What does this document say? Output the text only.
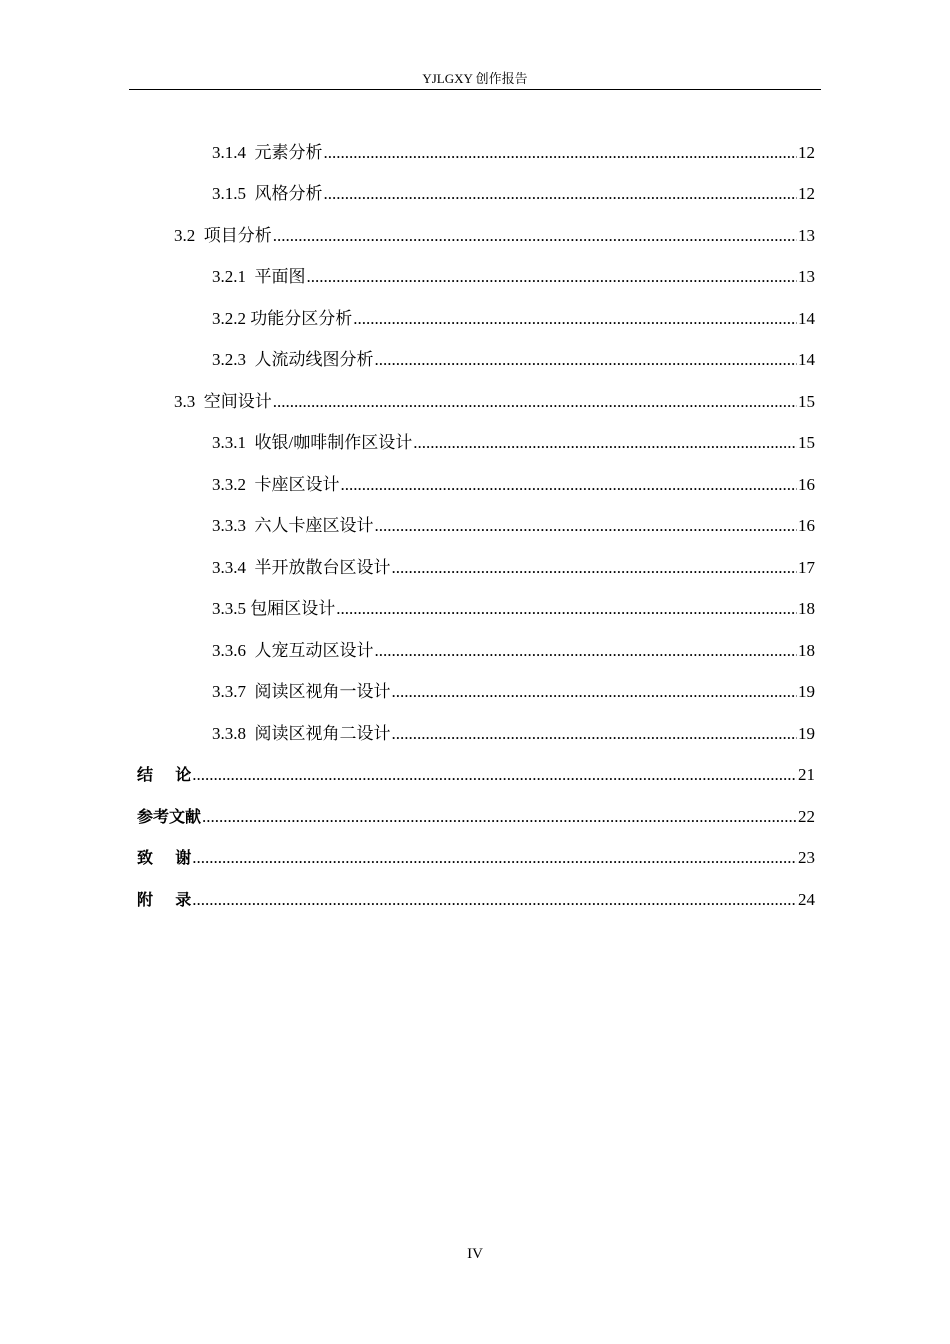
YJLGXY 创作报告
3.1.4  元素分析 .....	12
3.1.5  风格分析 .....	12
3.2  项目分析 .....	13
3.2.1  平面图 .....	13
3.2.2 功能分区分析 .....	14
3.2.3  人流动线图分析 .....	14
3.3  空间设计 .....	15
3.3.1  收银/咖啡制作区设计 .....	15
3.3.2  卡座区设计 .....	16
3.3.3  六人卡座区设计 .....	16
3.3.4  半开放散台区设计 .....	17
3.3.5 包厢区设计 .....	18
3.3.6  人宠互动区设计 .....	18
3.3.7  阅读区视角一设计 .....	19
3.3.8  阅读区视角二设计 .....	19
结    论 .....	21
参考文献 .....	22
致    谢 .....	23
附    录 .....	24
IV
